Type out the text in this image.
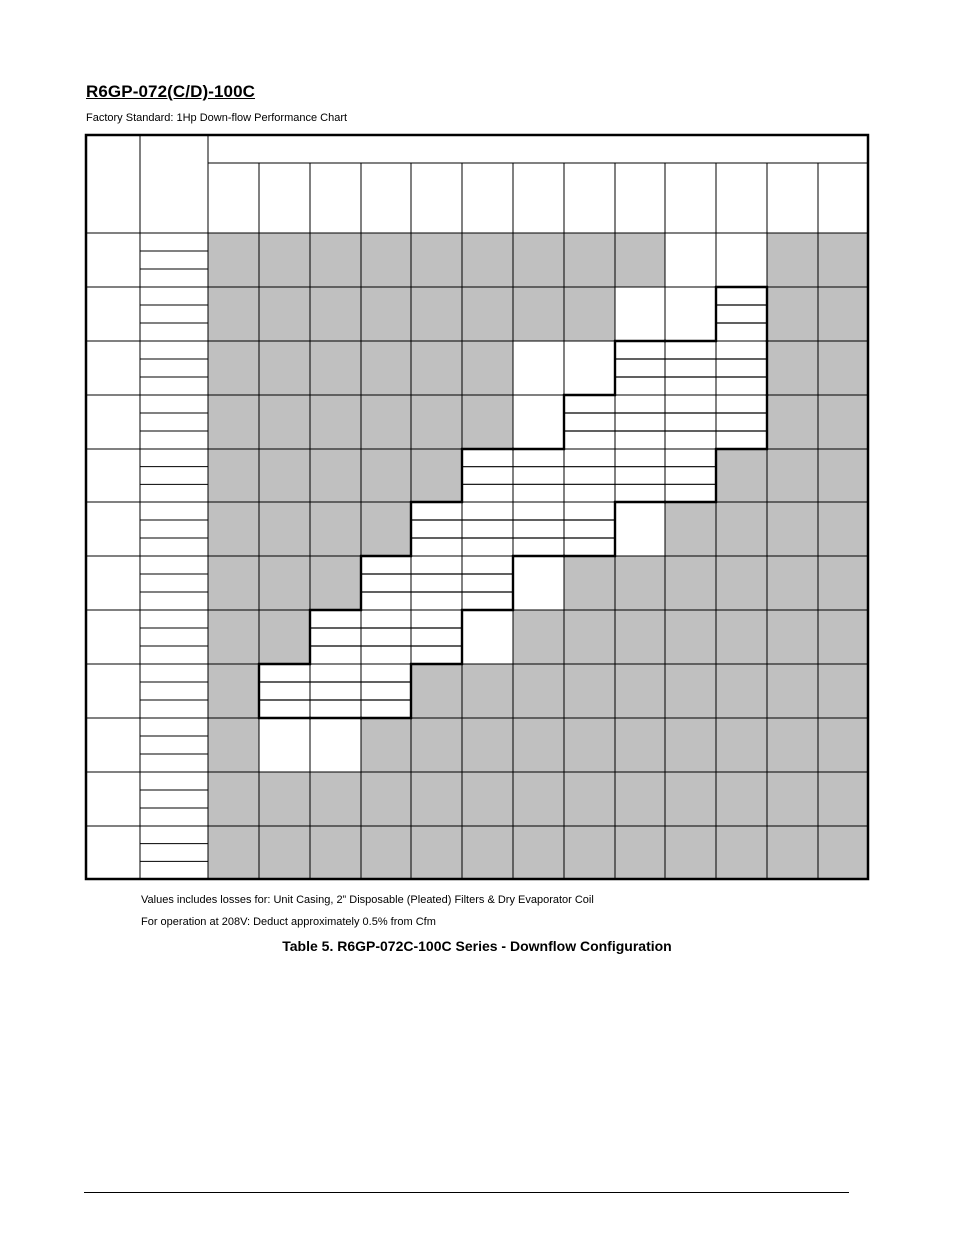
R6GP-072(C/D)-100C
Factory Standard: 1Hp Down-flow Performance Chart
Values includes losses for: Unit Casing, 2” Disposable (Pleated) Filters & Dry Evaporator Coil
For operation at 208V: Deduct approximately 0.5% from Cfm
Table 5. R6GP-072C-100C Series - Downflow Configuration
